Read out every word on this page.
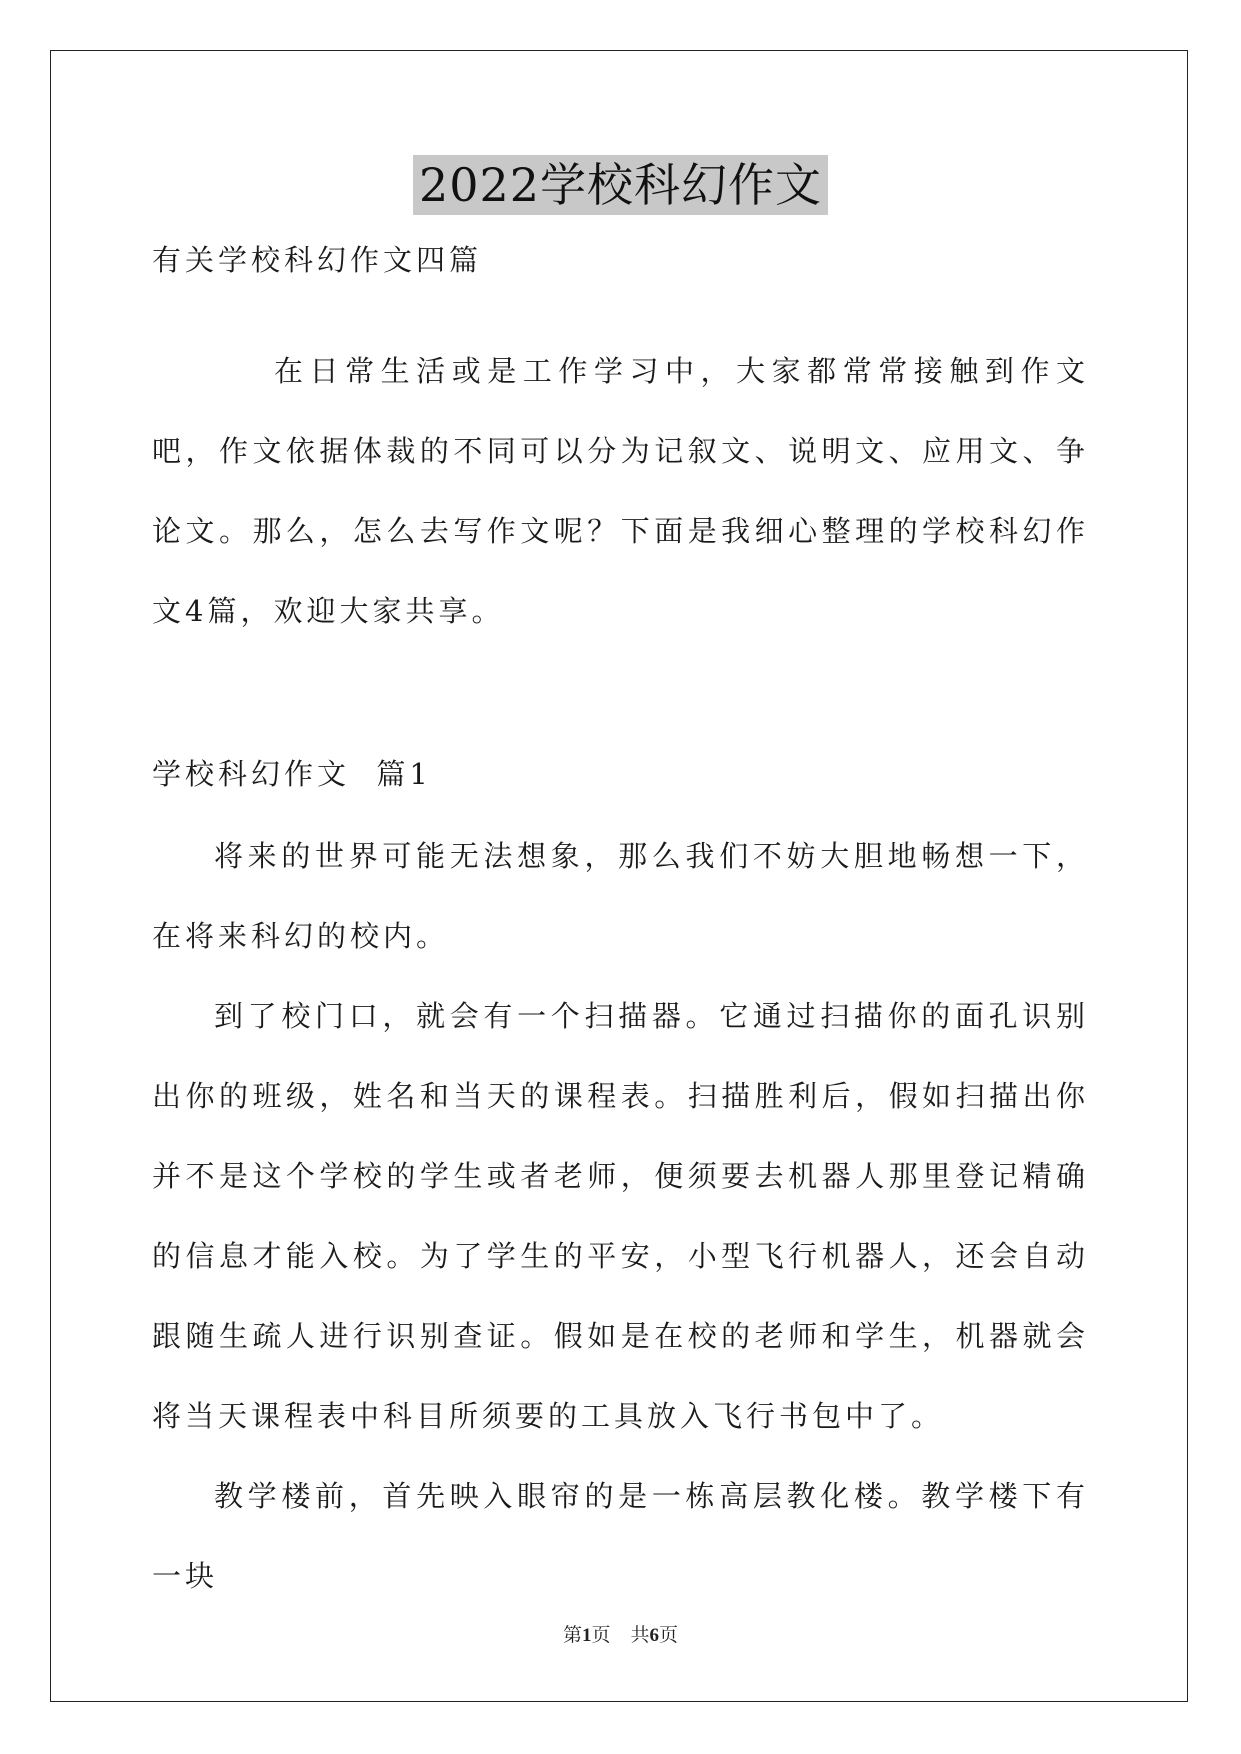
2022学校科幻作文
有关学校科幻作文四篇
在日常生活或是工作学习中，大家都常常接触到作文吧，作文依据体裁的不同可以分为记叙文、说明文、应用文、争论文。那么，怎么去写作文呢？下面是我细心整理的学校科幻作文4篇，欢迎大家共享。
学校科幻作文  篇1

将来的世界可能无法想象，那么我们不妨大胆地畅想一下，在将来科幻的校内。

到了校门口，就会有一个扫描器。它通过扫描你的面孔识别出你的班级，姓名和当天的课程表。扫描胜利后，假如扫描出你并不是这个学校的学生或者老师，便须要去机器人那里登记精确的信息才能入校。为了学生的平安，小型飞行机器人，还会自动跟随生疏人进行识别查证。假如是在校的老师和学生，机器就会将当天课程表中科目所须要的工具放入飞行书包中了。

教学楼前，首先映入眼帘的是一栋高层教化楼。教学楼下有一块

第1页 共6页
